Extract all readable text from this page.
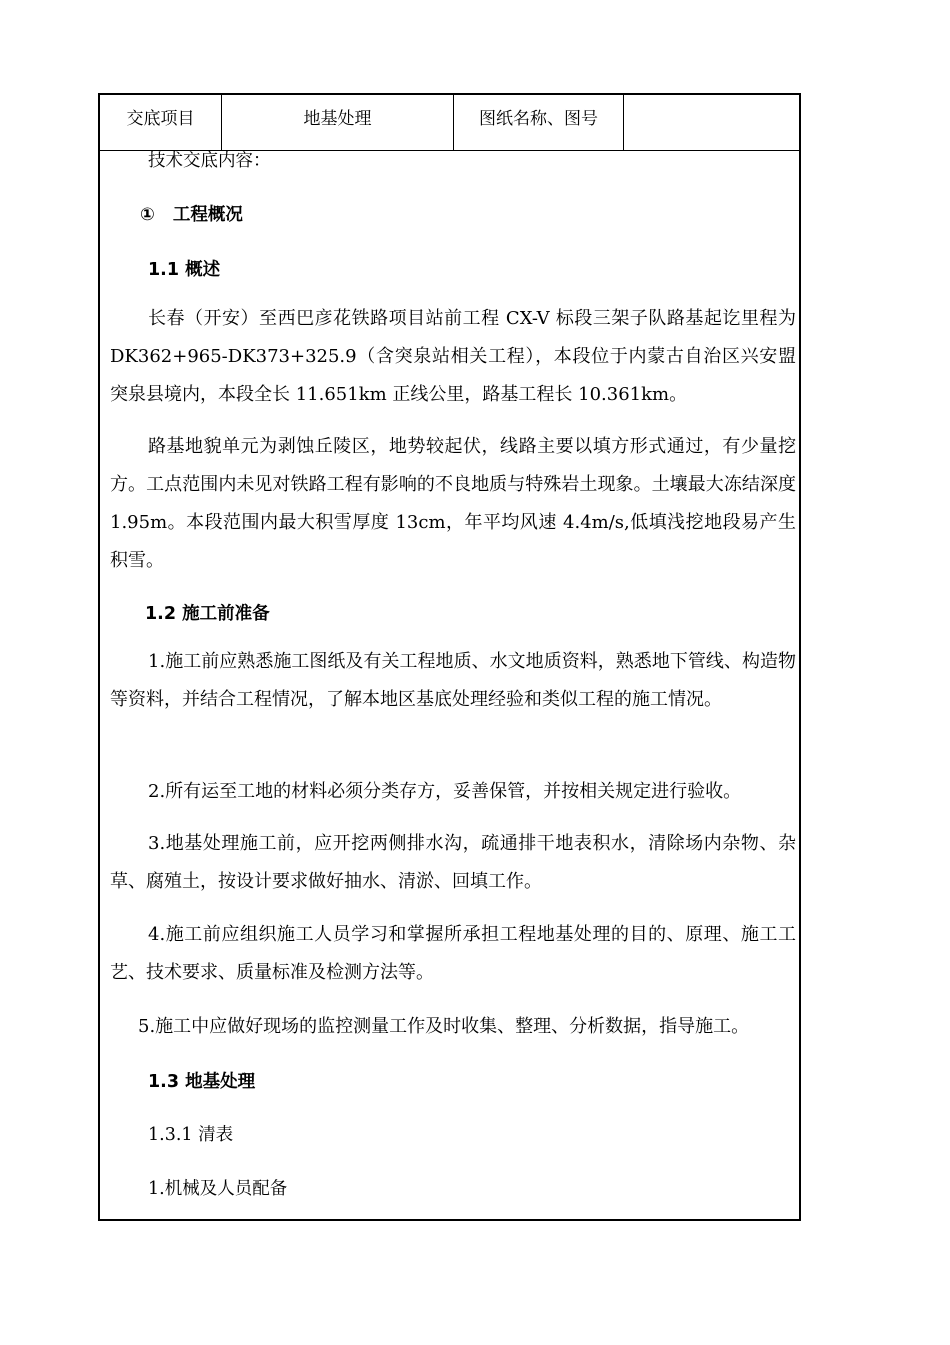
交底项目	地基处理	图纸名称、图号
技术交底内容：
① 工程概况
1.1 概述
长春（开安）至西巴彦花铁路项目站前工程 CX-V 标段三架子队路基起讫里程为 DK362+965-DK373+325.9（含突泉站相关工程），本段位于内蒙古自治区兴安盟突泉县境内，本段全长 11.651km 正线公里，路基工程长 10.361km。
路基地貌单元为剥蚀丘陵区，地势较起伏，线路主要以填方形式通过，有少量挖方。工点范围内未见对铁路工程有影响的不良地质与特殊岩土现象。土壤最大冻结深度 1.95m。本段范围内最大积雪厚度 13cm，年平均风速 4.4m/s,低填浅挖地段易产生积雪。
1.2 施工前准备
1.施工前应熟悉施工图纸及有关工程地质、水文地质资料，熟悉地下管线、构造物等资料，并结合工程情况，了解本地区基底处理经验和类似工程的施工情况。
2.所有运至工地的材料必须分类存方，妥善保管，并按相关规定进行验收。
3.地基处理施工前，应开挖两侧排水沟，疏通排干地表积水，清除场内杂物、杂草、腐殖土，按设计要求做好抽水、清淤、回填工作。
4.施工前应组织施工人员学习和掌握所承担工程地基处理的目的、原理、施工工艺、技术要求、质量标准及检测方法等。
5.施工中应做好现场的监控测量工作及时收集、整理、分析数据，指导施工。
1.3 地基处理
1.3.1 清表
1.机械及人员配备
